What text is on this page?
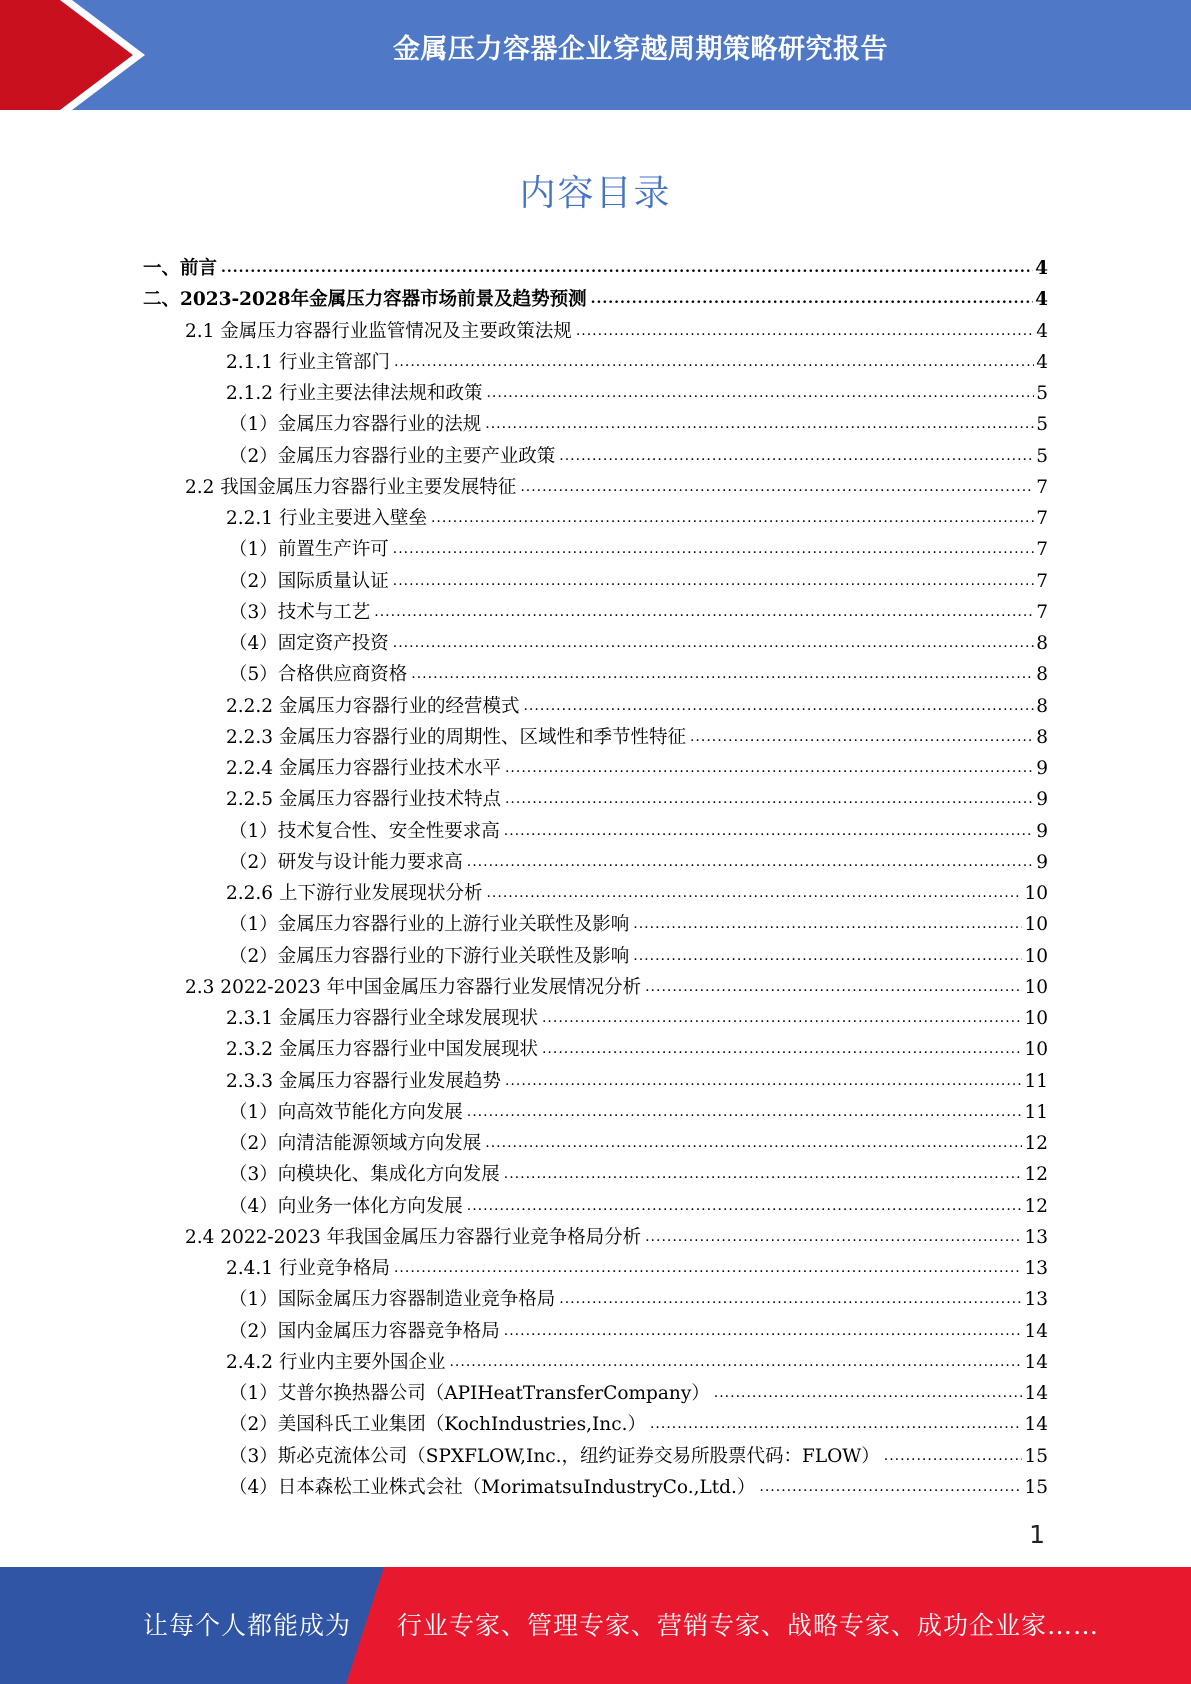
金属压力容器企业穿越周期策略研究报告
内容目录
一、前言 .....	4
二、2023-2028年金属压力容器市场前景及趋势预测 .....	4
2.1 金属压力容器行业监管情况及主要政策法规 .....	4
2.1.1 行业主管部门 .....	4
2.1.2 行业主要法律法规和政策 .....	5
（1）金属压力容器行业的法规 .....	5
（2）金属压力容器行业的主要产业政策 .....	5
2.2 我国金属压力容器行业主要发展特征 .....	7
2.2.1 行业主要进入壁垒 .....	7
（1）前置生产许可 .....	7
（2）国际质量认证 .....	7
（3）技术与工艺 .....	7
（4）固定资产投资 .....	8
（5）合格供应商资格 .....	8
2.2.2 金属压力容器行业的经营模式 .....	8
2.2.3 金属压力容器行业的周期性、区域性和季节性特征 .....	8
2.2.4 金属压力容器行业技术水平 .....	9
2.2.5 金属压力容器行业技术特点 .....	9
（1）技术复合性、安全性要求高 .....	9
（2）研发与设计能力要求高 .....	9
2.2.6 上下游行业发展现状分析 .....	10
（1）金属压力容器行业的上游行业关联性及影响 .....	10
（2）金属压力容器行业的下游行业关联性及影响 .....	10
2.3 2022-2023 年中国金属压力容器行业发展情况分析 .....	10
2.3.1 金属压力容器行业全球发展现状 .....	10
2.3.2 金属压力容器行业中国发展现状 .....	10
2.3.3 金属压力容器行业发展趋势 .....	11
（1）向高效节能化方向发展 .....	11
（2）向清洁能源领域方向发展 .....	12
（3）向模块化、集成化方向发展 .....	12
（4）向业务一体化方向发展 .....	12
2.4 2022-2023 年我国金属压力容器行业竞争格局分析 .....	13
2.4.1 行业竞争格局 .....	13
（1）国际金属压力容器制造业竞争格局 .....	13
（2）国内金属压力容器竞争格局 .....	14
2.4.2 行业内主要外国企业 .....	14
（1）艾普尔换热器公司（APIHeatTransferCompany） .....	14
（2）美国科氏工业集团（KochIndustries,Inc.） .....	14
（3）斯必克流体公司（SPXFLOW,Inc.，纽约证券交易所股票代码：FLOW） .....	15
（4）日本森松工业株式会社（MorimatsuIndustryCo.,Ltd.） .....	15
1
让每个人都能成为 行业专家、管理专家、营销专家、战略专家、成功企业家……
